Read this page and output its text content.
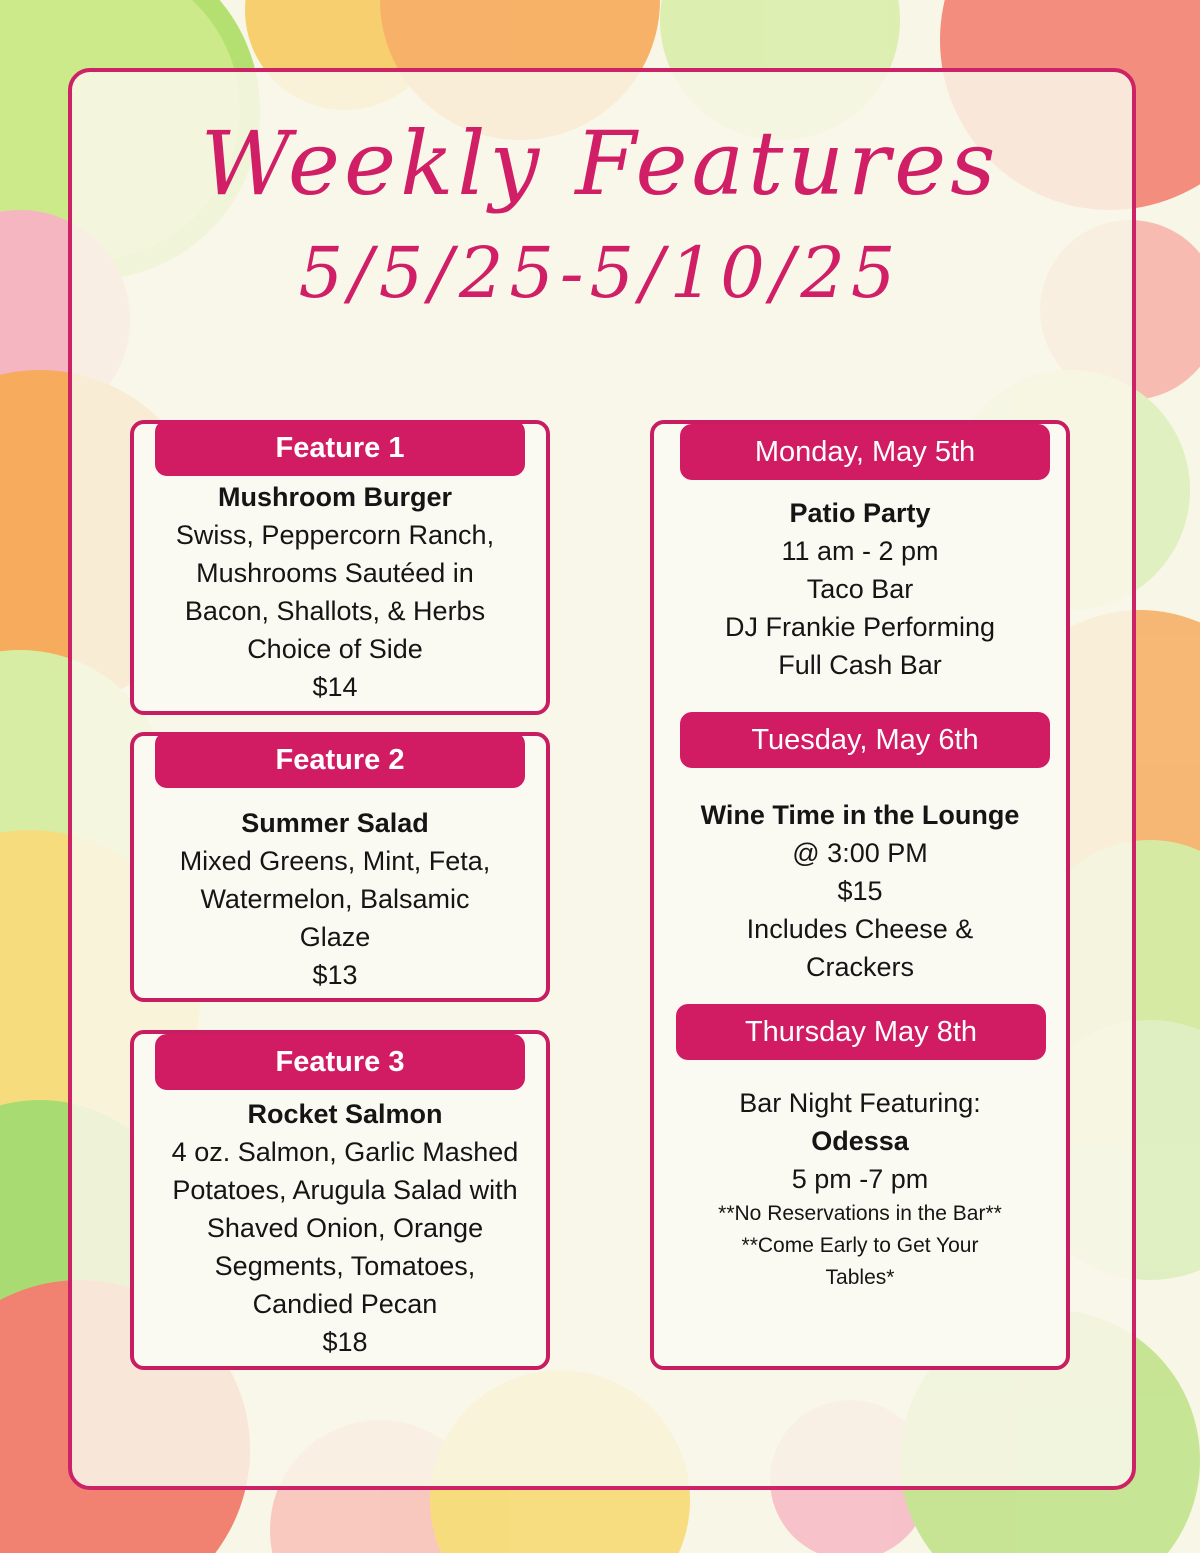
Weekly Features
5/5/25-5/10/25
Feature 1
Mushroom Burger
Swiss, Peppercorn Ranch,
Mushrooms Sautéed in
Bacon, Shallots, & Herbs
Choice of Side
$14
Feature 2
Summer Salad
Mixed Greens, Mint, Feta,
Watermelon, Balsamic
Glaze
$13
Feature 3
Rocket Salmon
4 oz. Salmon, Garlic Mashed
Potatoes, Arugula Salad with
Shaved Onion, Orange
Segments, Tomatoes,
Candied Pecan
$18
Monday, May 5th
Patio Party
11 am - 2 pm
Taco Bar
DJ Frankie Performing
Full Cash Bar
Tuesday, May 6th
Wine Time in the Lounge
@ 3:00 PM
$15
Includes Cheese &
Crackers
Thursday May 8th
Bar Night Featuring:
Odessa
5 pm -7 pm
**No Reservations in the Bar**
**Come Early to Get Your
Tables*
